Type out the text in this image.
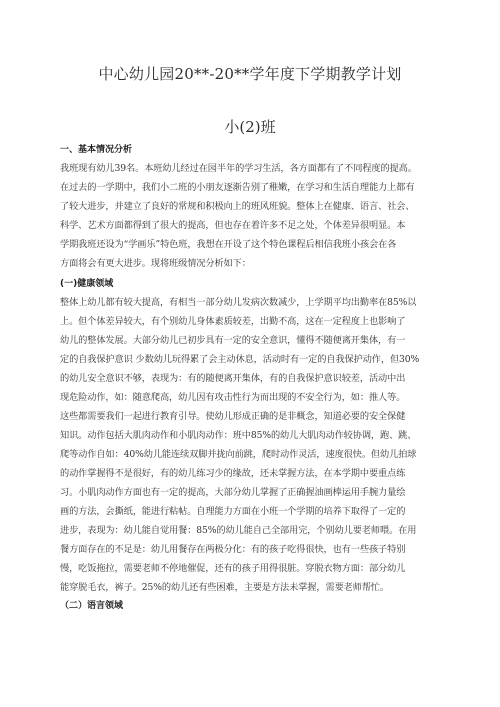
中心幼儿园20**-20**学年度下学期教学计划
小(2)班
一、基本情况分析
我班现有幼儿39名。本班幼儿经过在园半年的学习生活，各方面都有了不同程度的提高。
在过去的一学期中，我们小二班的小朋友逐渐告别了稚嫩，在学习和生活自理能力上都有
了较大进步，并建立了良好的常规和积极向上的班风班貌。整体上在健康、语言、社会、
科学、艺术方面都得到了很大的提高，但也存在着许多不足之处，个体差异很明显。本
学期我班还设为“学画乐”特色班，我想在开设了这个特色课程后相信我班小孩会在各
方面将会有更大进步。现将班级情况分析如下：
(一)健康领域
整体上幼儿都有较大提高，有相当一部分幼儿发病次数减少，上学期平均出勤率在85%以
上。但个体差异较大，有个别幼儿身体素质较差，出勤不高，这在一定程度上也影响了
幼儿的整体发展。大部分幼儿已初步具有一定的安全意识，懂得不随便离开集体，有一
定的自我保护意识 少数幼儿玩得累了会主动休息，活动时有一定的自我保护动作，但30%
的幼儿安全意识不够，表现为：有的随便离开集体，有的自我保护意识较差，活动中出
现危险动作，如：随意爬高，幼儿因有攻击性行为而出现的不安全行为，如：推人等。
这些都需要我们一起进行教育引导。使幼儿形成正确的是非概念，知道必要的安全保健
知识。动作包括大肌肉动作和小肌肉动作：班中85%的幼儿大肌肉动作较协调，跑、跳、
爬等动作自如：40%幼儿能连续双脚并拢向前跳，爬时动作灵活，速度很快。但幼儿拍球
的动作掌握得不是很好，有的幼儿练习少的缘故，还未掌握方法，在本学期中要重点练
习。小肌肉动作方面也有一定的提高，大部分幼儿掌握了正确握油画棒运用手腕力量绘
画的方法，会撕纸，能进行粘帖。自理能力方面在小班一个学期的培养下取得了一定的
进步，表现为：幼儿能自觉用餐：85%的幼儿能自己全部用完，个别幼儿要老师喂。在用
餐方面存在的不足是：幼儿用餐存在两极分化：有的孩子吃得很快，也有一些孩子特别
慢，吃饭拖拉，需要老师不停地催促，还有的孩子用得很脏。穿脱衣物方面：部分幼儿
能穿脱毛衣，裤子。25%的幼儿还有些困难，主要是方法未掌握，需要老师帮忙。
（二）语言领域
